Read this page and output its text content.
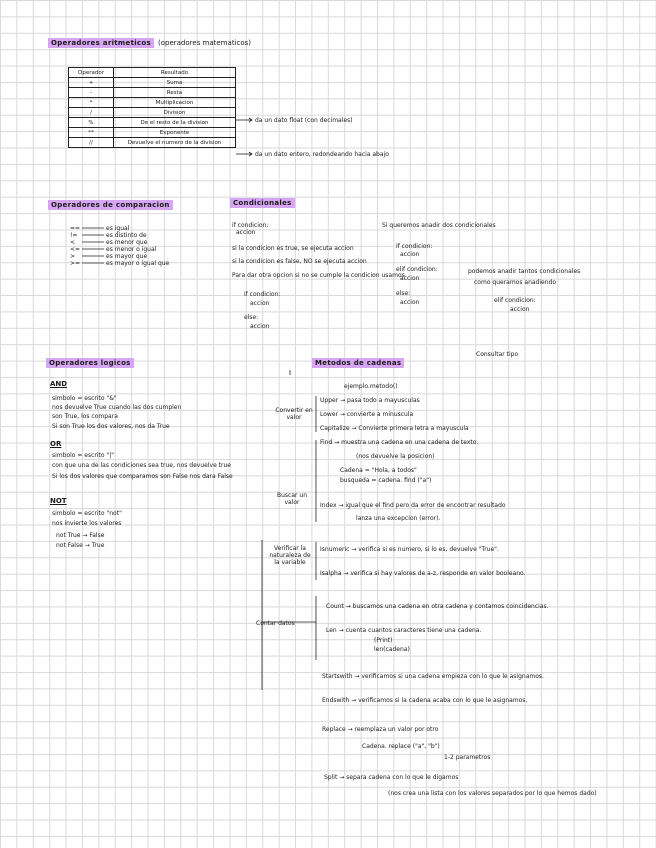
Operadores aritmeticos	(operadores matematicos)
Operador	Resultado
+	Suma
-	Resta
*	Multiplicacion
/	Division
%	De el resto de la division
**	Exponente
//	Devuelve el numero de la division
da un dato float (con decimales)
da un dato entero, redondeando hacia abajo
Operadores de comparacion
==	es igual
!=	es distinto de
<	es menor que
<=	es menor o igual
>	es mayor que
>=	es mayor o igual que
Condicionales
if condicion:
accion
si la condicion es true, se ejecuta accion
si la condicion es false, NO se ejecuta accion
Para dar otra opcion si no se cumple la condicion usamos
if condicion:
accion
else:
accion
Si queremos anadir dos condicionales
if condicion:
accion
elif condicion:
accion
else:
accion
podemos anadir tantos condicionales
como queramos anadiendo
elif condicion:
accion
Operadores logicos
AND
simbolo = escrito "&"
nos devuelve True cuando las dos cumplen
son True, los compara
Si son True los dos valores, nos da True
OR
simbolo = escrito "|"
con que una de las condiciones sea true, nos devuelve true
Si los dos valores que comparamos son False nos dara False
NOT
simbolo = escrito "not"
nos invierte los valores
not True → False
not False → True
Metodos de cadenas
Consultar tipo
ejemplo.metodo()
Convertir en valor
Upper → pasa todo a mayusculas
Lower → convierte a minuscula
Capitalize → Convierte primera letra a mayuscula
Buscar un valor
Find → muestra una cadena en una cadena de texto.
(nos devuelve la posicion)
Cadena = "Hola, a todos"
busqueda = cadena. find ("a")
Index → igual que el find pero da error de encontrar resultado
lanza una excepcion (error).
Verificar la naturaleza de la variable
Isnumeric → verifica si es numero, si lo es, devuelve "True".
Isalpha → verifica si hay valores de a-z, responde en valor booleano.
Contar datos
Count → buscamos una cadena en otra cadena y contamos coincidencias.
Len → cuenta cuantos caracteres tiene una cadena.
(Print)
len(cadena)
Startswith → verificamos si una cadena empieza con lo que le asignamos.
Endswith → verificamos si la cadena acaba con lo que le asignamos.
Replace → reemplaza un valor por otro
Cadena. replace ("a", "b")
1-2 parametros
Split → separa cadena con lo que le digamos
(nos crea una lista con los valores separados por lo que hemos dado)
